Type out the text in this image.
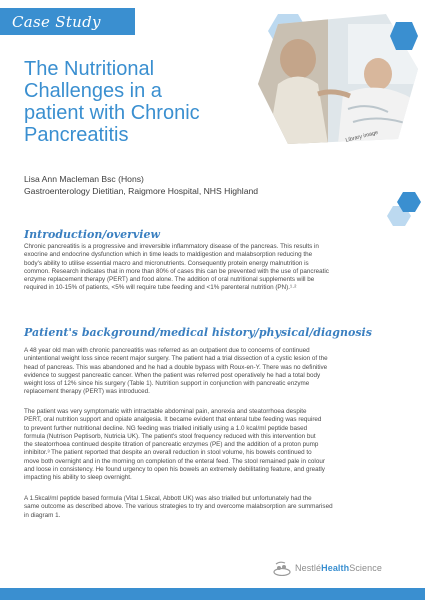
Case Study
The Nutritional
Challenges in a
patient with Chronic
Pancreatitis	Library image
Lisa Ann Macleman Bsc (Hons)
Gastroenterology Dietitian, Raigmore Hospital, NHS Highland
Introduction/overview
Chronic pancreatitis is a progressive and irreversible inflammatory disease of the pancreas. This results in
exocrine and endocrine dysfunction which in time leads to maldigestion and malabsorption reducing the
body's ability to utilise essential macro and micronutrients. Consequently protein energy malnutrition is
common. Research indicates that in more than 80% of cases this can be prevented with the use of pancreatic
enzyme replacement therapy (PERT) and food alone. The addition of oral nutritional supplements will be
required in 10-15% of patients, <5% will require tube feeding and <1% parenteral nutrition (PN).¹·²
Patient's background/medical history/physical/diagnosis
A 48 year old man with chronic pancreatitis was referred as an outpatient due to concerns of continued
unintentional weight loss since recent major surgery. The patient had a trial dissection of a cystic lesion of the
head of pancreas. This was abandoned and he had a double bypass with Roux-en-Y. There was no definitive
evidence to suggest pancreatic cancer. When the patient was referred post operatively he had a total body
weight loss of 12% since his surgery (Table 1). Nutrition support in conjunction with pancreatic enzyme
replacement therapy (PERT) was introduced.
The patient was very symptomatic with intractable abdominal pain, anorexia and steatorrhoea despite
PERT, oral nutrition support and opiate analgesia. It became evident that enteral tube feeding was required
to prevent further nutritional decline. NG feeding was trialled initially using a 1.0 kcal/ml peptide based
formula (Nutrison Peptisorb, Nutricia UK). The patient's stool frequency reduced with this intervention but
the steatorrhoea continued despite titration of pancreatic enzymes (PE) and the addition of a proton pump
inhibitor.³ The patient reported that despite an overall reduction in stool volume, his bowels continued to
move both overnight and in the morning on completion of the enteral feed. The stool remained pale in colour
and loose in consistency. He found urgency to open his bowels an extremely debilitating feature, and greatly
impacting his ability to sleep overnight.
A 1.5kcal/ml peptide based formula (Vital 1.5kcal, Abbott UK) was also trialled but unfortunately had the
same outcome as described above. The various strategies to try and overcome malabsorption are summarised
in diagram 1.
NestléHealthScience
